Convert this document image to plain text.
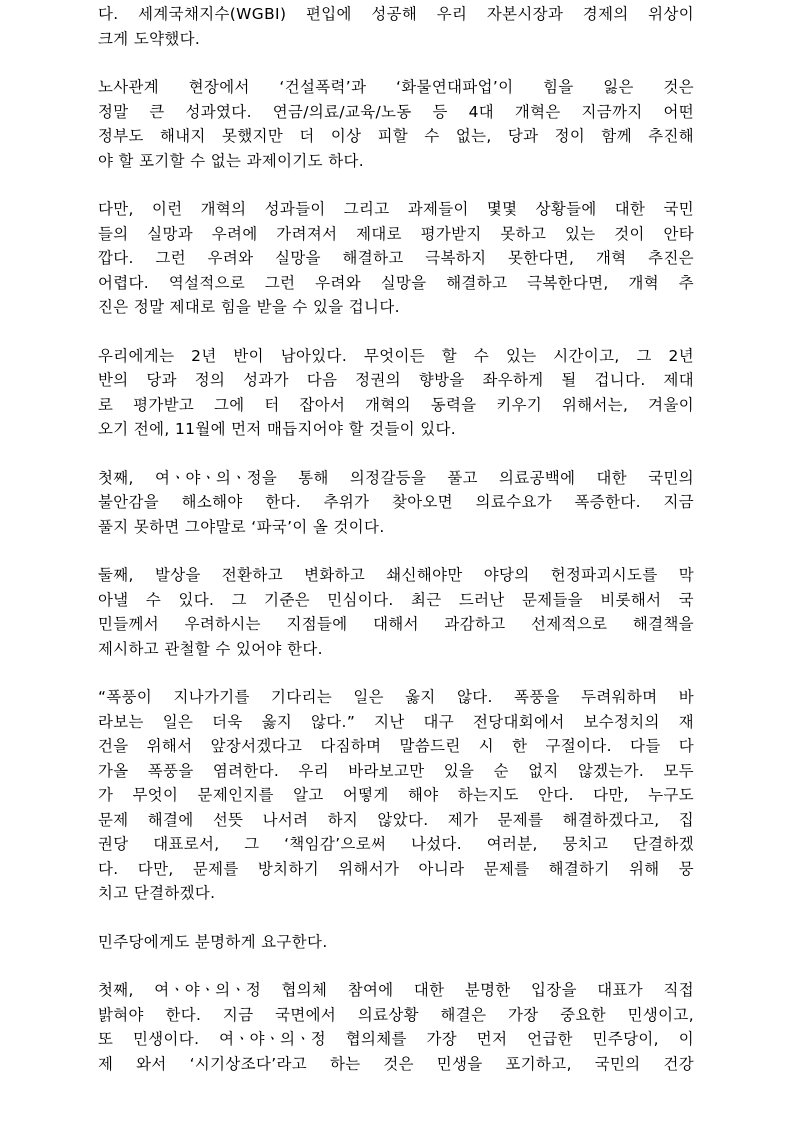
다. 세계국채지수(WGBI) 편입에 성공해 우리 자본시장과 경제의 위상이
크게 도약했다.
노사관계 현장에서 ‘건설폭력’과 ‘화물연대파업’이 힘을 잃은 것은
정말 큰 성과였다. 연금/의료/교육/노동 등 4대 개혁은 지금까지 어떤
정부도 해내지 못했지만 더 이상 피할 수 없는, 당과 정이 함께 추진해
야 할 포기할 수 없는 과제이기도 하다.
다만, 이런 개혁의 성과들이 그리고 과제들이 몇몇 상황들에 대한 국민
들의 실망과 우려에 가려져서 제대로 평가받지 못하고 있는 것이 안타
깝다. 그런 우려와 실망을 해결하고 극복하지 못한다면, 개혁 추진은
어렵다. 역설적으로 그런 우려와 실망을 해결하고 극복한다면, 개혁 추
진은 정말 제대로 힘을 받을 수 있을 겁니다.
우리에게는 2년 반이 남아있다. 무엇이든 할 수 있는 시간이고, 그 2년
반의 당과 정의 성과가 다음 정권의 향방을 좌우하게 될 겁니다. 제대
로 평가받고 그에 터 잡아서 개혁의 동력을 키우기 위해서는, 겨울이
오기 전에, 11월에 먼저 매듭지어야 할 것들이 있다.
첫째, 여ㆍ야ㆍ의ㆍ정을 통해 의정갈등을 풀고 의료공백에 대한 국민의
불안감을 해소해야 한다. 추위가 찾아오면 의료수요가 폭증한다. 지금
풀지 못하면 그야말로 ‘파국’이 올 것이다.
둘째, 발상을 전환하고 변화하고 쇄신해야만 야당의 헌정파괴시도를 막
아낼 수 있다. 그 기준은 민심이다. 최근 드러난 문제들을 비롯해서 국
민들께서 우려하시는 지점들에 대해서 과감하고 선제적으로 해결책을
제시하고 관철할 수 있어야 한다.
“폭풍이 지나가기를 기다리는 일은 옳지 않다. 폭풍을 두려워하며 바
라보는 일은 더욱 옳지 않다.” 지난 대구 전당대회에서 보수정치의 재
건을 위해서 앞장서겠다고 다짐하며 말씀드린 시 한 구절이다. 다들 다
가올 폭풍을 염려한다. 우리 바라보고만 있을 순 없지 않겠는가. 모두
가 무엇이 문제인지를 알고 어떻게 해야 하는지도 안다. 다만, 누구도
문제 해결에 선뜻 나서려 하지 않았다. 제가 문제를 해결하겠다고, 집
권당 대표로서, 그 ‘책임감’으로써 나섰다. 여러분, 뭉치고 단결하겠
다. 다만, 문제를 방치하기 위해서가 아니라 문제를 해결하기 위해 뭉
치고 단결하겠다.
민주당에게도 분명하게 요구한다.
첫째, 여ㆍ야ㆍ의ㆍ정 협의체 참여에 대한 분명한 입장을 대표가 직접
밝혀야 한다. 지금 국면에서 의료상황 해결은 가장 중요한 민생이고,
또 민생이다. 여ㆍ야ㆍ의ㆍ정 협의체를 가장 먼저 언급한 민주당이, 이
제 와서 ‘시기상조다’라고 하는 것은 민생을 포기하고, 국민의 건강
